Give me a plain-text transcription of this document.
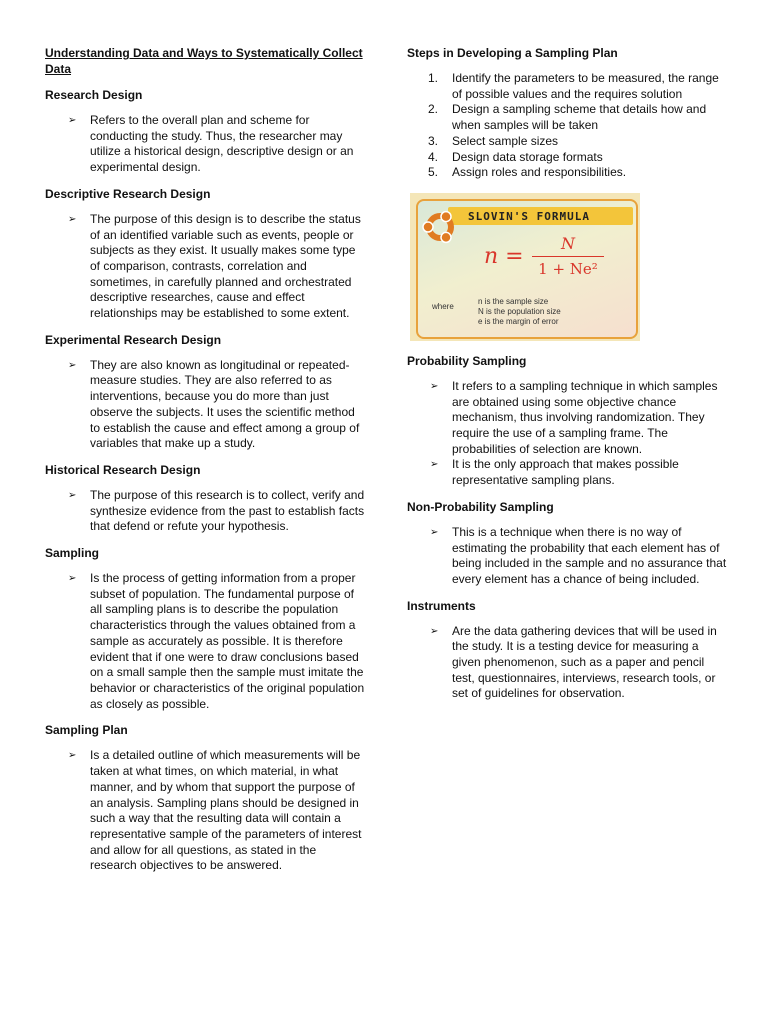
Understanding Data and Ways to Systematically Collect Data
Research Design
➢ Refers to the overall plan and scheme for conducting the study. Thus, the researcher may utilize a historical design, descriptive design or an experimental design.
Descriptive Research Design
➢ The purpose of this design is to describe the status of an identified variable such as events, people or subjects as they exist. It usually makes some type of comparison, contrasts, correlation and sometimes, in carefully planned and orchestrated descriptive researches, cause and effect relationships may be established to some extent.
Experimental Research Design
➢ They are also known as longitudinal or repeated-measure studies. They are also referred to as interventions, because you do more than just observe the subjects. It uses the scientific method to establish the cause and effect among a group of variables that make up a study.
Historical Research Design
➢ The purpose of this research is to collect, verify and synthesize evidence from the past to establish facts that defend or refute your hypothesis.
Sampling
➢ Is the process of getting information from a proper subset of population. The fundamental purpose of all sampling plans is to describe the population characteristics through the values obtained from a sample as accurately as possible. It is therefore evident that if one were to draw conclusions based on a small sample then the sample must imitate the behavior or characteristics of the original population as closely as possible.
Sampling Plan
➢ Is a detailed outline of which measurements will be taken at what times, on which material, in what manner, and by whom that support the purpose of an analysis. Sampling plans should be designed in such a way that the resulting data will contain a representative sample of the parameters of interest and allow for all questions, as stated in the research objectives to be answered.
Steps in Developing a Sampling Plan
1. Identify the parameters to be measured, the range of possible values and the requires solution
2. Design a sampling scheme that details how and when samples will be taken
3. Select sample sizes
4. Design data storage formats
5. Assign roles and responsibilities.
SLOVIN'S FORMULA
n =
N
1 + Ne²
where
n is the sample size
N is the population size
e is the margin of error
Probability Sampling
➢ It refers to a sampling technique in which samples are obtained using some objective chance mechanism, thus involving randomization. They require the use of a sampling frame. The probabilities of selection are known.
➢ It is the only approach that makes possible representative sampling plans.
Non-Probability Sampling
➢ This is a technique when there is no way of estimating the probability that each element has of being included in the sample and no assurance that every element has a chance of being included.
Instruments
➢ Are the data gathering devices that will be used in the study. It is a testing device for measuring a given phenomenon, such as a paper and pencil test, questionnaires, interviews, research tools, or set of guidelines for observation.
